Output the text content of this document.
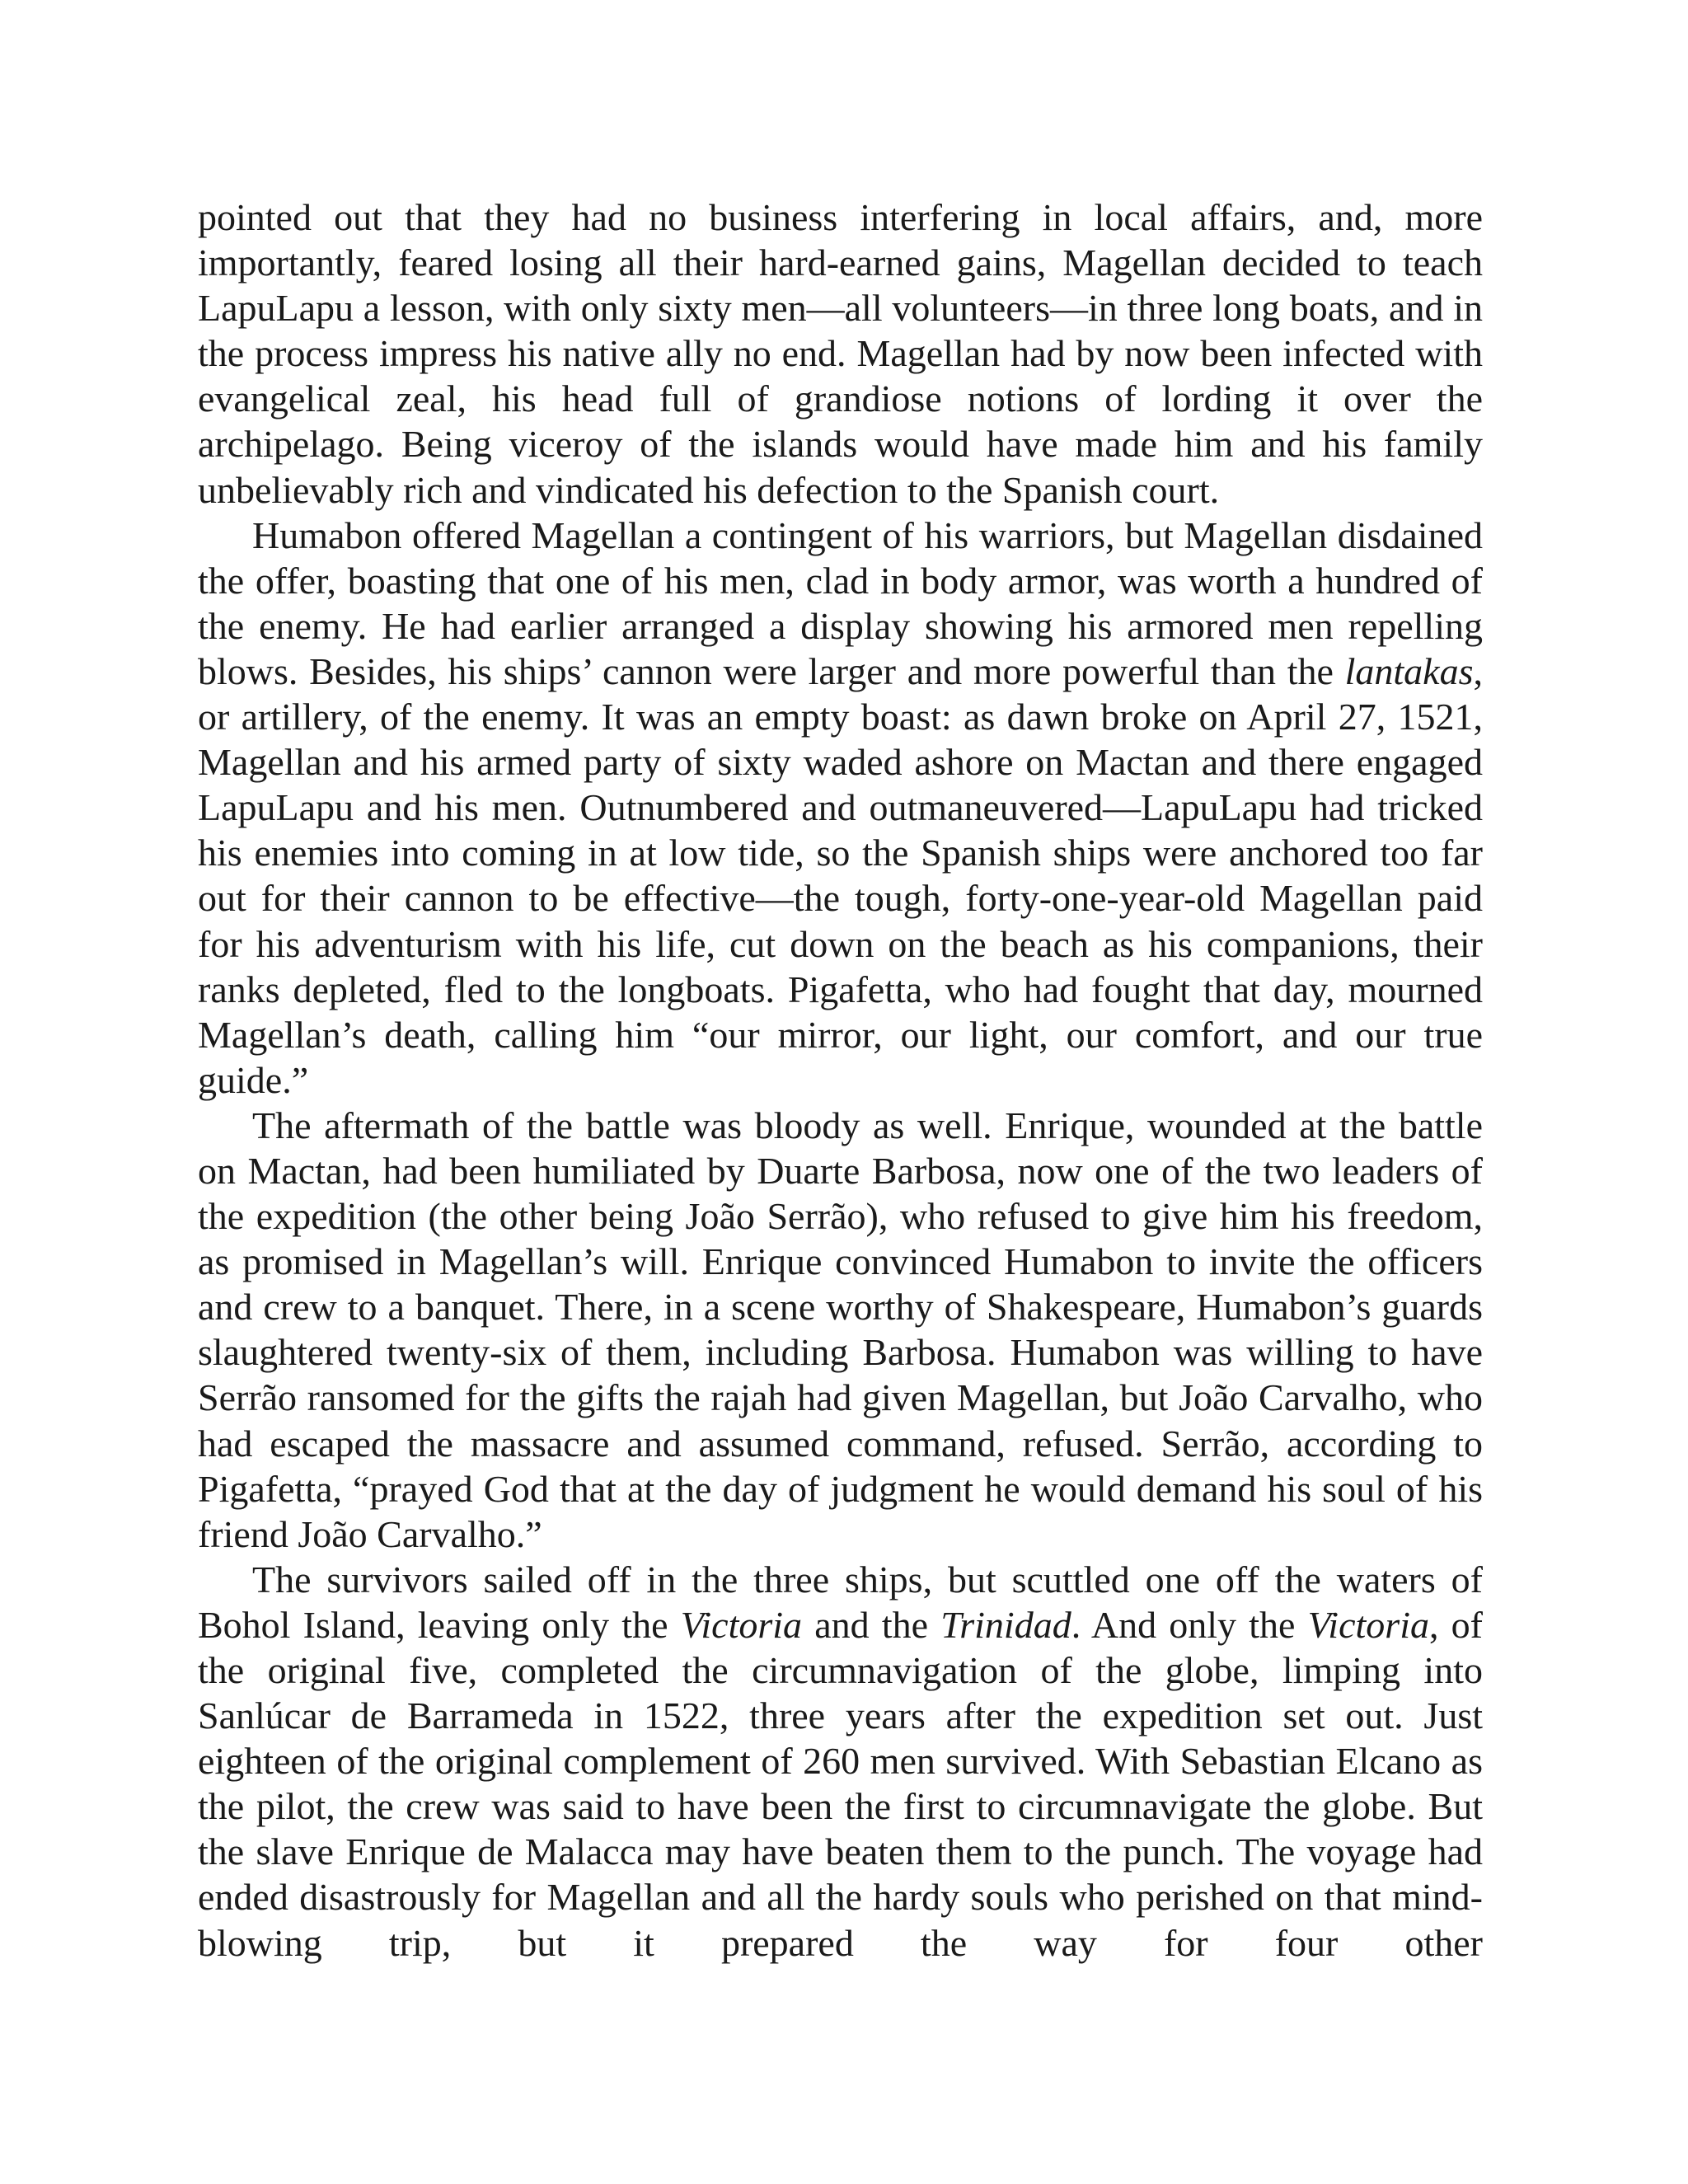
pointed out that they had no business interfering in local affairs, and, more importantly, feared losing all their hard-earned gains, Magellan decided to teach LapuLapu a lesson, with only sixty men—all volunteers—in three long boats, and in the process impress his native ally no end. Magellan had by now been infected with evangelical zeal, his head full of grandiose notions of lording it over the archipelago. Being viceroy of the islands would have made him and his family unbelievably rich and vindicated his defection to the Spanish court.

Humabon offered Magellan a contingent of his warriors, but Magellan disdained the offer, boasting that one of his men, clad in body armor, was worth a hundred of the enemy. He had earlier arranged a display showing his armored men repelling blows. Besides, his ships’ cannon were larger and more powerful than the lantakas, or artillery, of the enemy. It was an empty boast: as dawn broke on April 27, 1521, Magellan and his armed party of sixty waded ashore on Mactan and there engaged LapuLapu and his men. Outnumbered and outmaneuvered—LapuLapu had tricked his enemies into coming in at low tide, so the Spanish ships were anchored too far out for their cannon to be effective—the tough, forty-one-year-old Magellan paid for his adventurism with his life, cut down on the beach as his companions, their ranks depleted, fled to the longboats. Pigafetta, who had fought that day, mourned Magellan’s death, calling him “our mirror, our light, our comfort, and our true guide.”

The aftermath of the battle was bloody as well. Enrique, wounded at the battle on Mactan, had been humiliated by Duarte Barbosa, now one of the two leaders of the expedition (the other being João Serrão), who refused to give him his freedom, as promised in Magellan’s will. Enrique convinced Humabon to invite the officers and crew to a banquet. There, in a scene worthy of Shakespeare, Humabon’s guards slaughtered twenty-six of them, including Barbosa. Humabon was willing to have Serrão ransomed for the gifts the rajah had given Magellan, but João Carvalho, who had escaped the massacre and assumed command, refused. Serrão, according to Pigafetta, “prayed God that at the day of judgment he would demand his soul of his friend João Carvalho.”

The survivors sailed off in the three ships, but scuttled one off the waters of Bohol Island, leaving only the Victoria and the Trinidad. And only the Victoria, of the original five, completed the circumnavigation of the globe, limping into Sanlúcar de Barrameda in 1522, three years after the expedition set out. Just eighteen of the original complement of 260 men survived. With Sebastian Elcano as the pilot, the crew was said to have been the first to circumnavigate the globe. But the slave Enrique de Malacca may have beaten them to the punch. The voyage had ended disastrously for Magellan and all the hardy souls who perished on that mind-blowing trip, but it prepared the way for four other
